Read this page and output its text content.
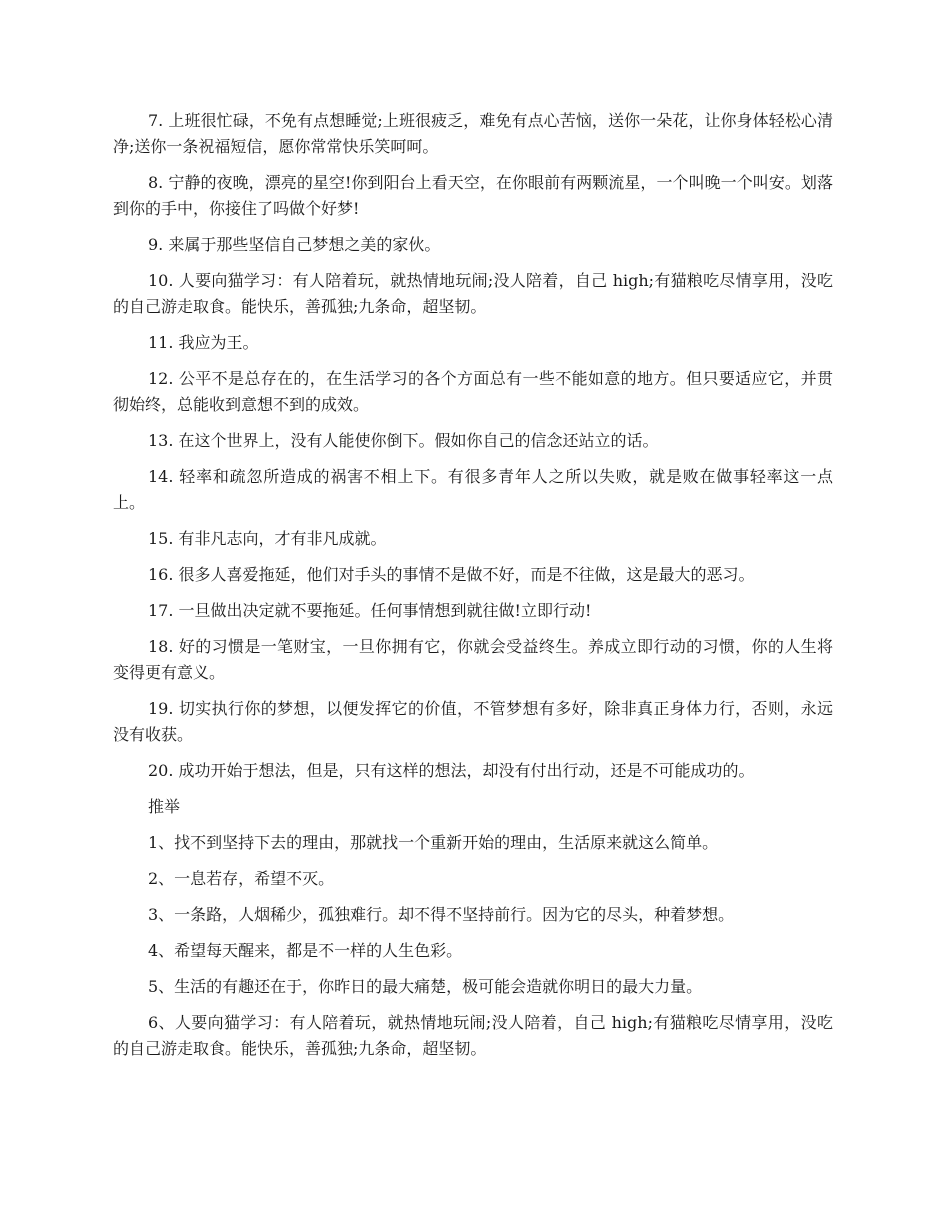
7. 上班很忙碌，不免有点想睡觉;上班很疲乏，难免有点心苦恼，送你一朵花，让你身体轻松心清净;送你一条祝福短信，愿你常常快乐笑呵呵。

8. 宁静的夜晚，漂亮的星空!你到阳台上看天空，在你眼前有两颗流星，一个叫晚一个叫安。划落到你的手中，你接住了吗做个好梦!

9. 来属于那些坚信自己梦想之美的家伙。

10. 人要向猫学习：有人陪着玩，就热情地玩闹;没人陪着，自己 high;有猫粮吃尽情享用，没吃的自己游走取食。能快乐，善孤独;九条命，超坚韧。

11. 我应为王。

12. 公平不是总存在的，在生活学习的各个方面总有一些不能如意的地方。但只要适应它，并贯彻始终，总能收到意想不到的成效。

13. 在这个世界上，没有人能使你倒下。假如你自己的信念还站立的话。

14. 轻率和疏忽所造成的祸害不相上下。有很多青年人之所以失败，就是败在做事轻率这一点上。

15. 有非凡志向，才有非凡成就。

16. 很多人喜爱拖延，他们对手头的事情不是做不好，而是不往做，这是最大的恶习。

17. 一旦做出决定就不要拖延。任何事情想到就往做!立即行动!

18. 好的习惯是一笔财宝，一旦你拥有它，你就会受益终生。养成立即行动的习惯，你的人生将变得更有意义。

19. 切实执行你的梦想，以便发挥它的价值，不管梦想有多好，除非真正身体力行，否则，永远没有收获。

20. 成功开始于想法，但是，只有这样的想法，却没有付出行动，还是不可能成功的。

推举

1、找不到坚持下去的理由，那就找一个重新开始的理由，生活原来就这么简单。

2、一息若存，希望不灭。

3、一条路，人烟稀少，孤独难行。却不得不坚持前行。因为它的尽头，种着梦想。

4、希望每天醒来，都是不一样的人生色彩。

5、生活的有趣还在于，你昨日的最大痛楚，极可能会造就你明日的最大力量。

6、人要向猫学习：有人陪着玩，就热情地玩闹;没人陪着，自己 high;有猫粮吃尽情享用，没吃的自己游走取食。能快乐，善孤独;九条命，超坚韧。
